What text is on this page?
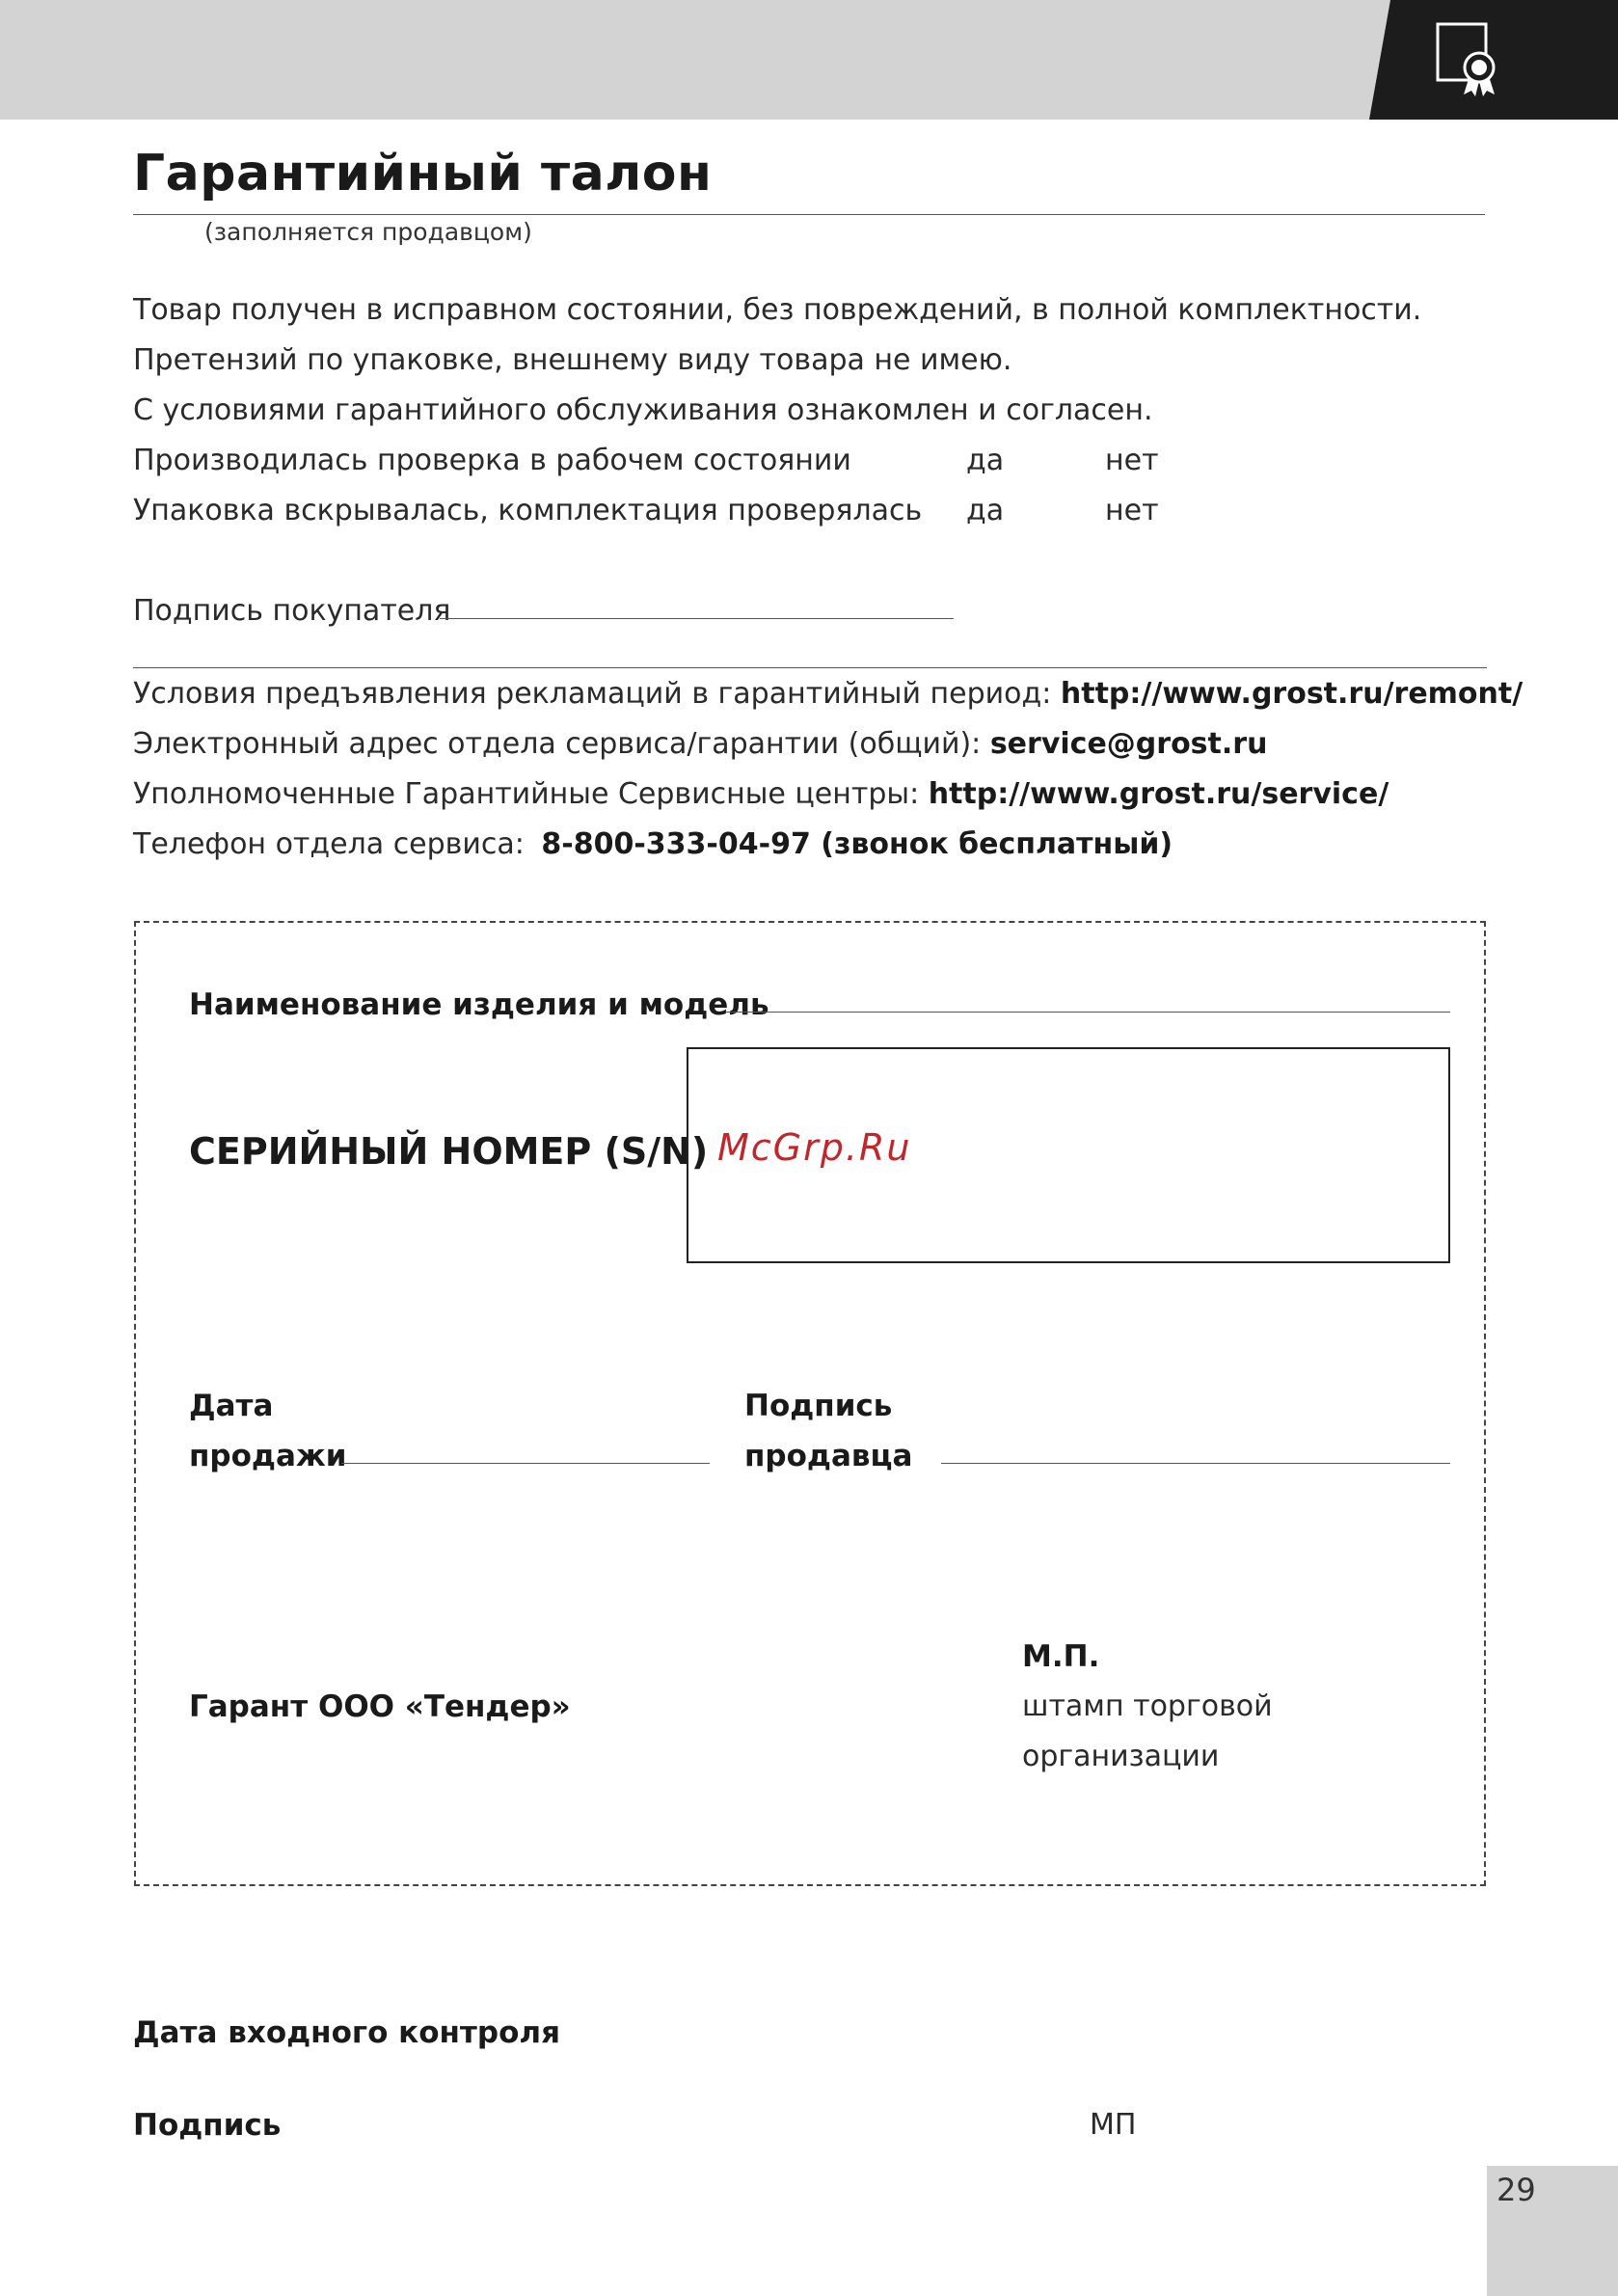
Гарантийный талон
(заполняется продавцом)
Товар получен в исправном состоянии, без повреждений, в полной комплектности.
Претензий по упаковке, внешнему виду товара не имею.
С условиями гарантийного обслуживания ознакомлен и согласен.
Производилась проверка в рабочем состоянии	да	нет
Упаковка вскрывалась, комплектация проверялась да	нет
Подпись покупателя
Условия предъявления рекламаций в гарантийный период: http://www.grost.ru/remont/
Электронный адрес отдела сервиса/гарантии (общий): service@grost.ru
Уполномоченные Гарантийные Сервисные центры: http://www.grost.ru/service/
Телефон отдела сервиса: 8-800-333-04-97 (звонок бесплатный)
Наименование изделия и модель
СЕРИЙНЫЙ НОМЕР (S/N) McGrp.Ru
Дата
продажи
Подпись
продавца
Гарант ООО «Тендер»
М.П.
штамп торговой
организации
Дата входного контроля
Подпись	МП
29
